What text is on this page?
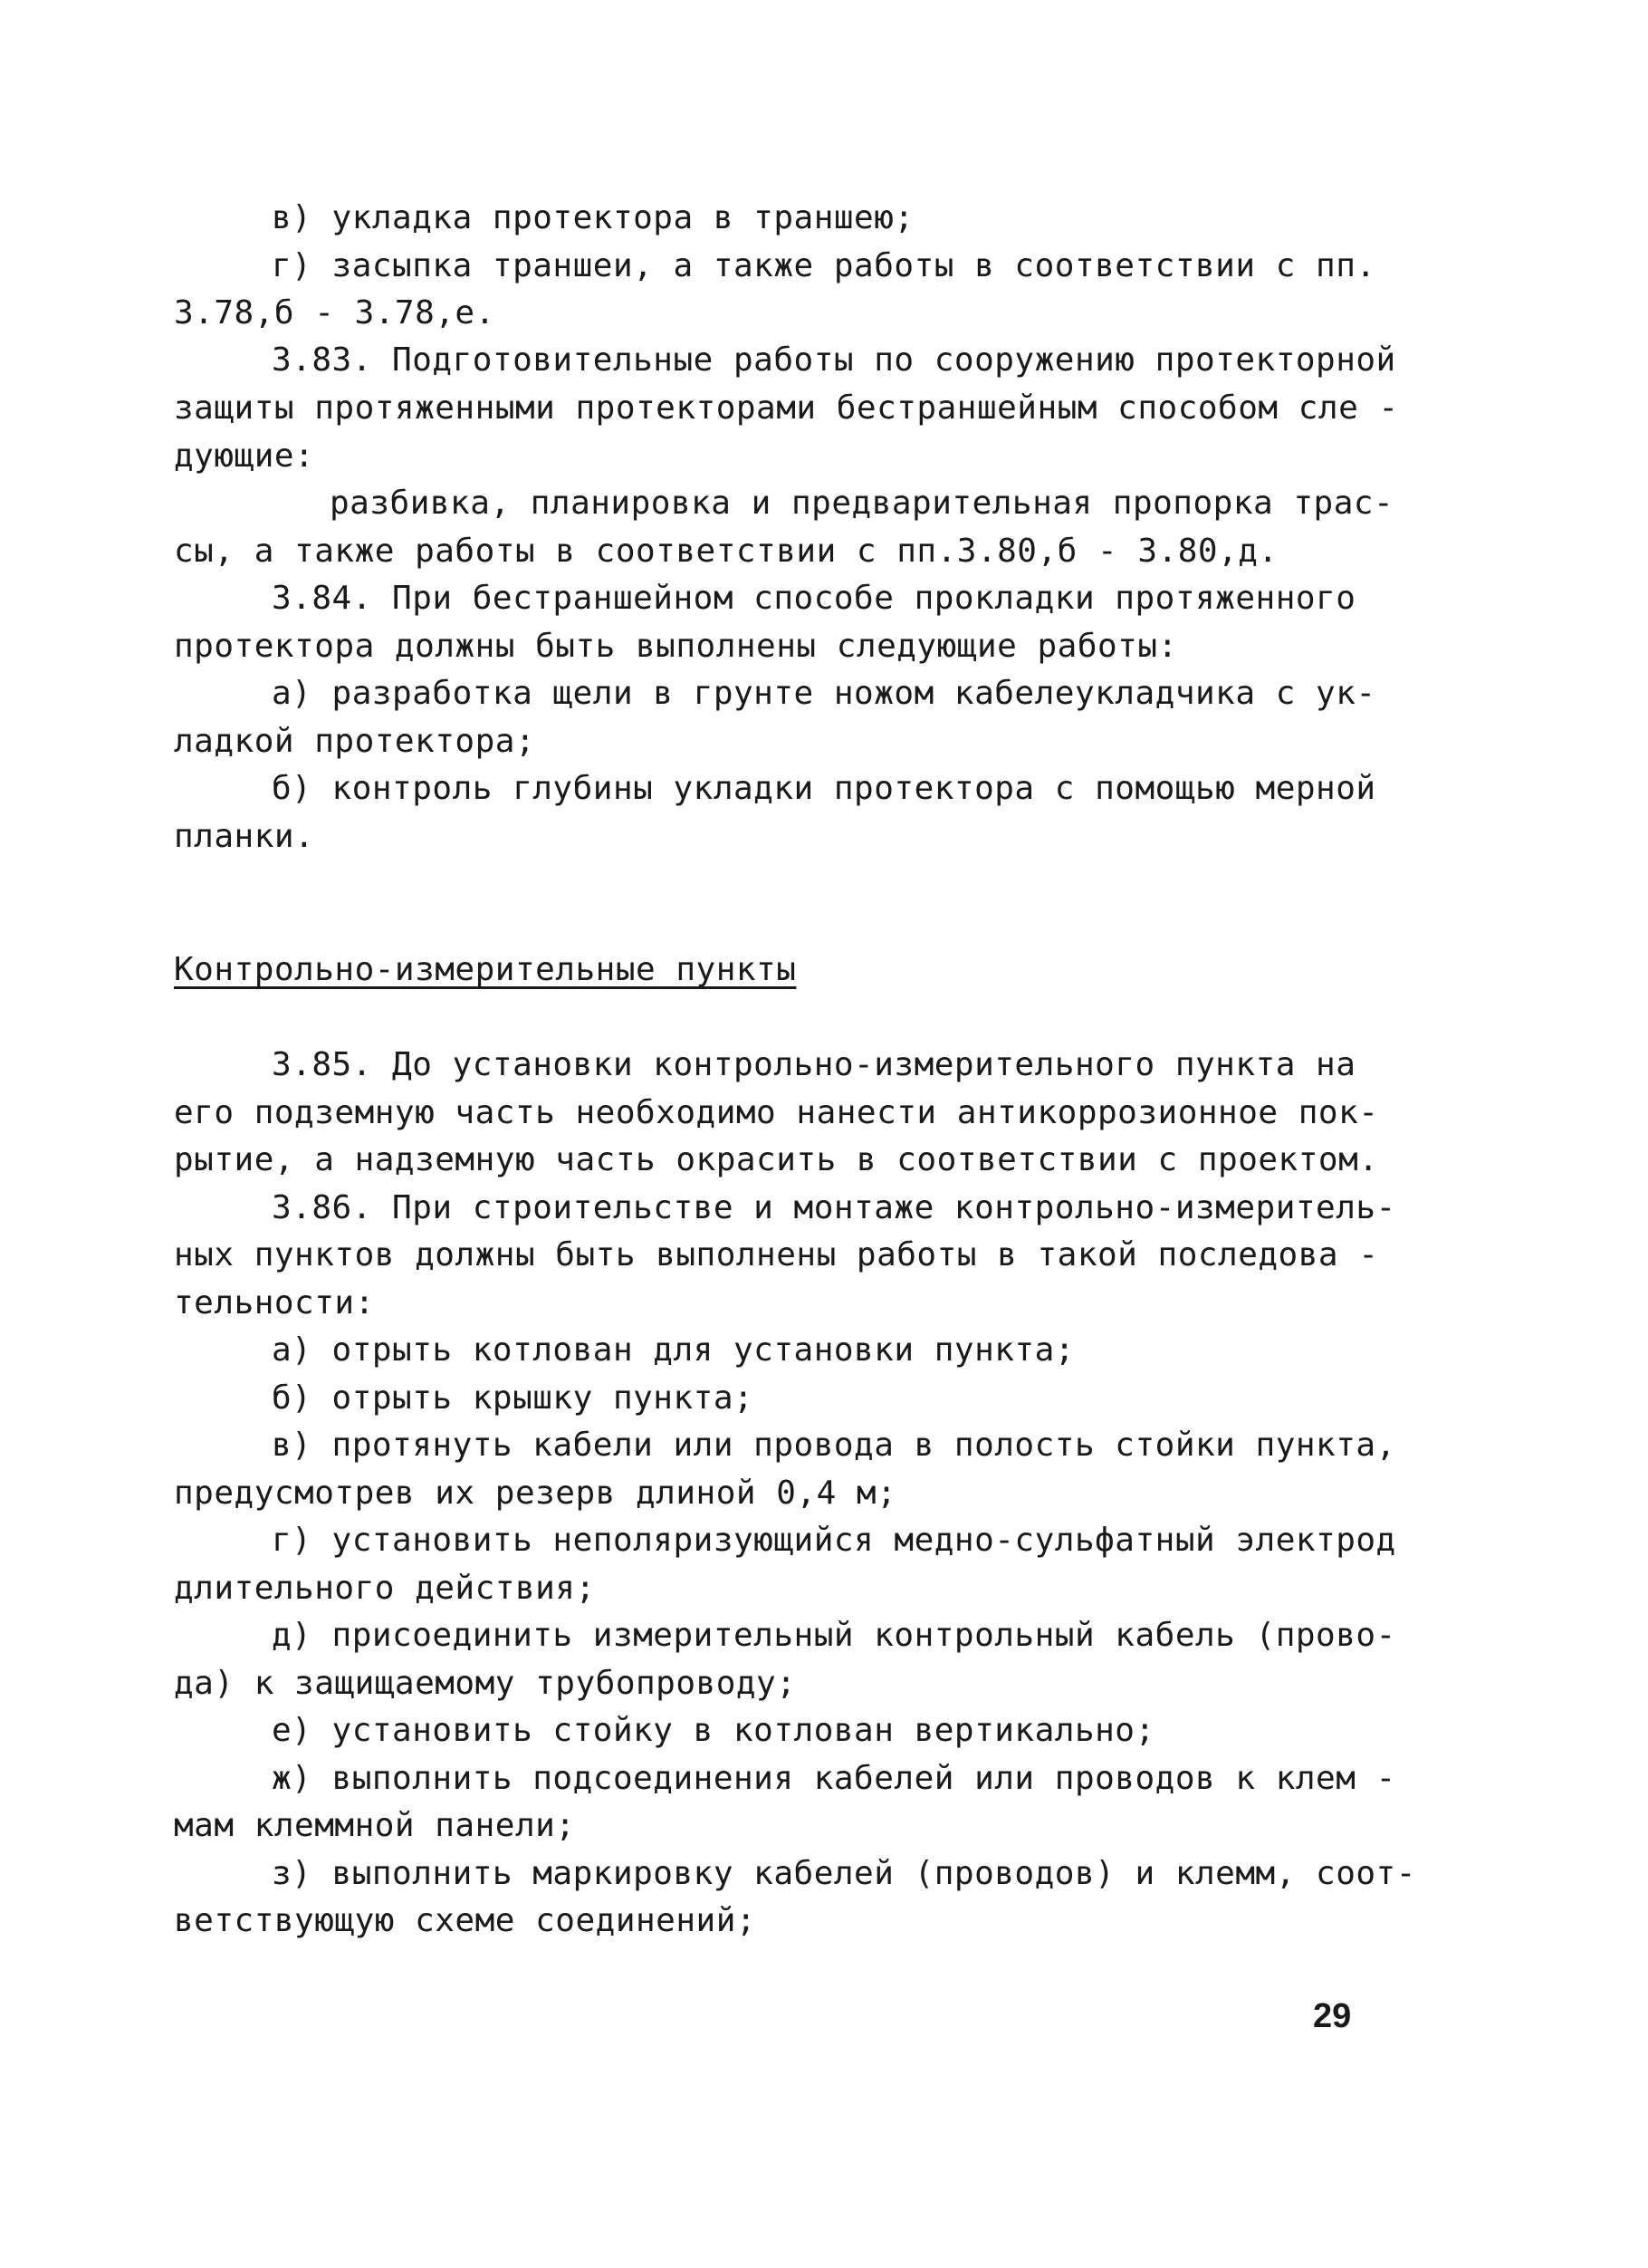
в) укладка протектора в траншею;
г) засыпка траншеи, а также работы в соответствии с пп.
3.78,б - 3.78,е.
3.83. Подготовительные работы по сооружению протекторной
защиты протяженными протекторами бестраншейным способом сле -
дующие:
разбивка, планировка и предварительная пропорка трас-
сы, а также работы в соответствии с пп.3.80,б - 3.80,д.
3.84. При бестраншейном способе прокладки протяженного
протектора должны быть выполнены следующие работы:
а) разработка щели в грунте ножом кабелеукладчика с ук-
ладкой протектора;
б) контроль глубины укладки протектора с помощью мерной
планки.
Контрольно-измерительные пункты
3.85. До установки контрольно-измерительного пункта на
его подземную часть необходимо нанести антикоррозионное пок-
рытие, а надземную часть окрасить в соответствии с проектом.
3.86. При строительстве и монтаже контрольно-измеритель-
ных пунктов должны быть выполнены работы в такой последова -
тельности:
а) отрыть котлован для установки пункта;
б) отрыть крышку пункта;
в) протянуть кабели или провода в полость стойки пункта,
предусмотрев их резерв длиной 0,4 м;
г) установить неполяризующийся медно-сульфатный электрод
длительного действия;
д) присоединить измерительный контрольный кабель (прово-
да) к защищаемому трубопроводу;
е) установить стойку в котлован вертикально;
ж) выполнить подсоединения кабелей или проводов к клем -
мам клеммной панели;
з) выполнить маркировку кабелей (проводов) и клемм, соот-
ветствующую схеме соединений;
29
